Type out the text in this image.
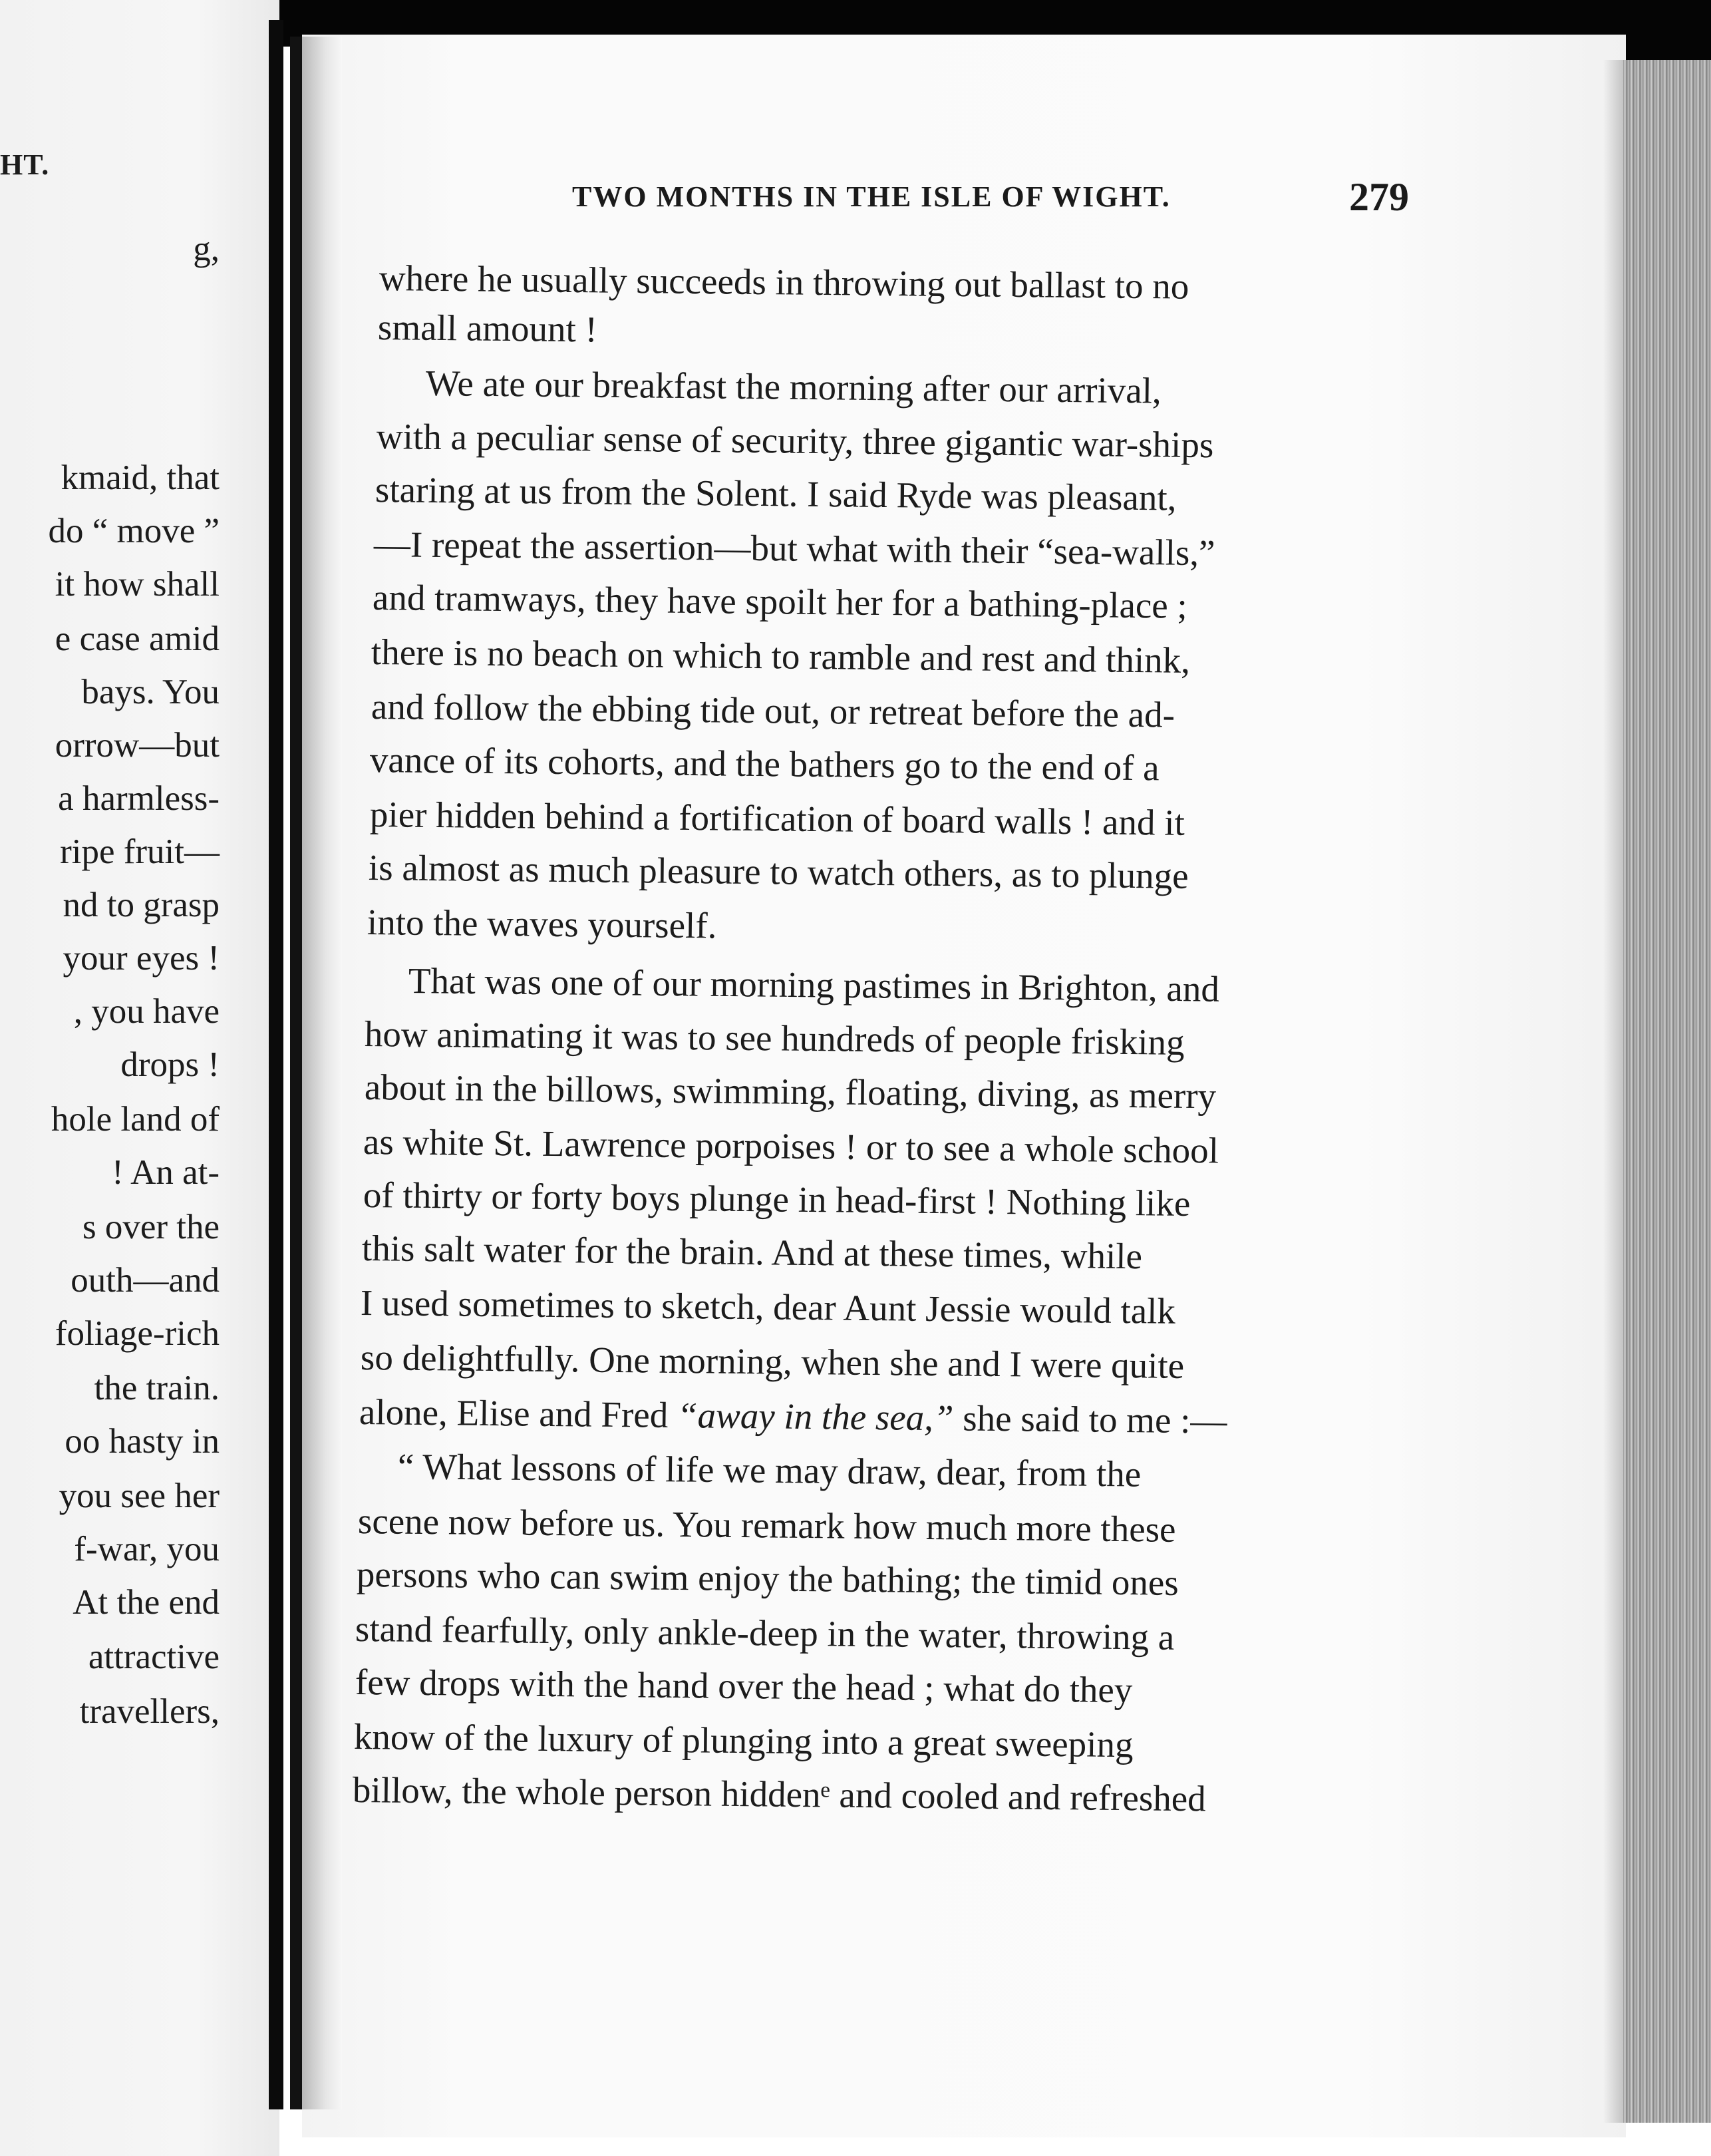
HT.
g,
kmaid, that
do “ move ”
it how shall
e case amid
bays. You
orrow—but
a harmless-
ripe fruit—
nd to grasp
your eyes !
, you have
drops !
hole land of
! An at-
s over the
outh—and
foliage-rich
the train.
oo hasty in
you see her
f-war, you
At the end
attractive
travellers,
TWO MONTHS IN THE ISLE OF WIGHT.	279
where he usually succeeds in throwing out ballast to no
small amount !
We ate our breakfast the morning after our arrival,
with a peculiar sense of security, three gigantic war-ships
staring at us from the Solent. I said Ryde was pleasant,
—I repeat the assertion—but what with their “sea-walls,”
and tramways, they have spoilt her for a bathing-place ;
there is no beach on which to ramble and rest and think,
and follow the ebbing tide out, or retreat before the ad-
vance of its cohorts, and the bathers go to the end of a
pier hidden behind a fortification of board walls ! and it
is almost as much pleasure to watch others, as to plunge
into the waves yourself.
That was one of our morning pastimes in Brighton, and
how animating it was to see hundreds of people frisking
about in the billows, swimming, floating, diving, as merry
as white St. Lawrence porpoises ! or to see a whole school
of thirty or forty boys plunge in head-first ! Nothing like
this salt water for the brain. And at these times, while
I used sometimes to sketch, dear Aunt Jessie would talk
so delightfully. One morning, when she and I were quite
alone, Elise and Fred “away in the sea,” she said to me :—
“ What lessons of life we may draw, dear, from the
scene now before us. You remark how much more these
persons who can swim enjoy the bathing; the timid ones
stand fearfully, only ankle-deep in the water, throwing a
few drops with the hand over the head ; what do they
know of the luxury of plunging into a great sweeping
billow, the whole person hiddenᵉ and cooled and refreshed
